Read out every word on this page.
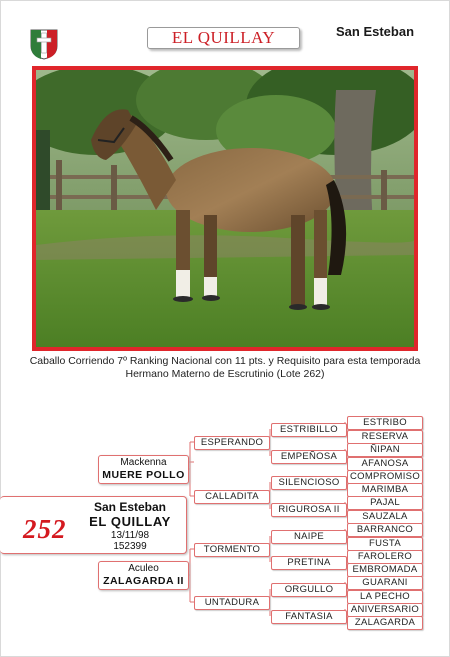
EL QUILLAY	San Esteban
Caballo Corriendo 7º Ranking Nacional con 11 pts. y Requisito para esta temporada
Hermano Materno de Escrutinio (Lote 262)
Mackenna
MUERE POLLO
252
San Esteban
EL QUILLAY
13/11/98
152399
Aculeo
ZALAGARDA II
ESPERANDO
CALLADITA
TORMENTO
UNTADURA
ESTRIBILLO
EMPEÑOSA
SILENCIOSO
RIGUROSA II
NAIPE
PRETINA
ORGULLO
FANTASIA
ESTRIBO
RESERVA
ÑIPAN
AFANOSA
COMPROMISO
MARIMBA
PAJAL
SAUZALA
BARRANCO
FUSTA
FAROLERO
EMBROMADA
GUARANI
LA PECHO
ANIVERSARIO
ZALAGARDA
